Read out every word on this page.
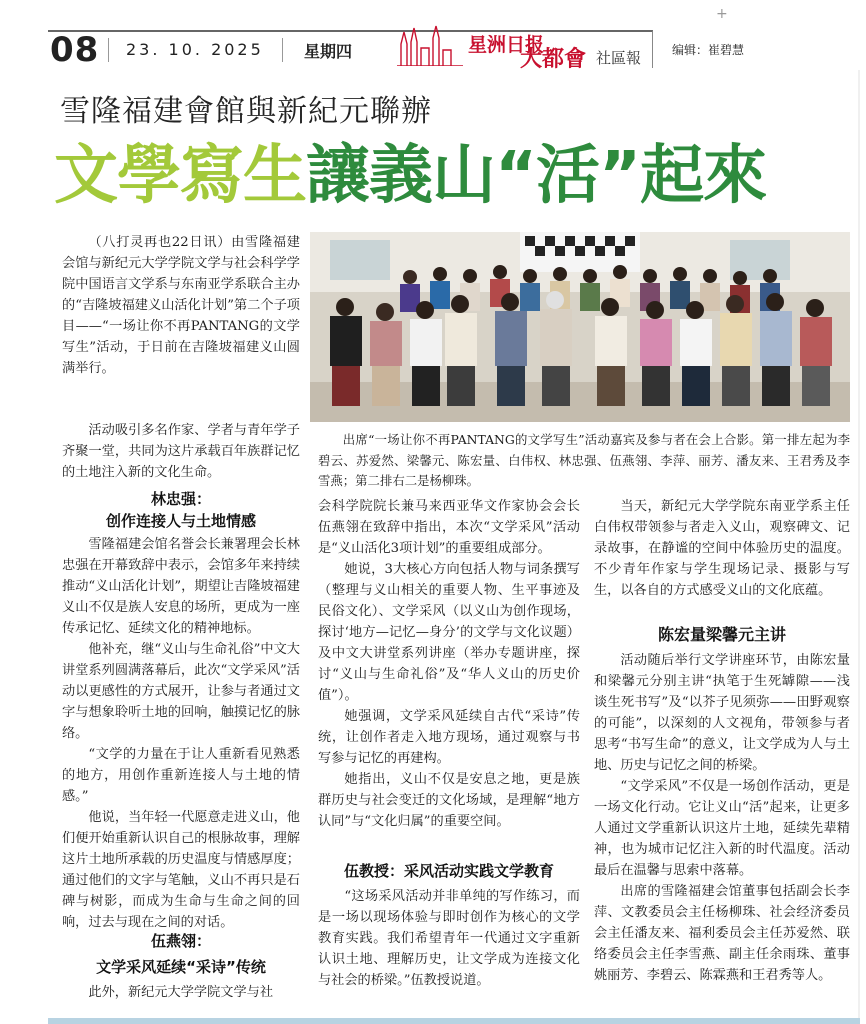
+
08 23. 10. 2025	星期四	星洲日报
大都會 社區報	编辑：崔碧慧
雪隆福建會館與新紀元聯辦
文學寫生讓義山“活”起來
出席“一场让你不再PANTANG的文学写生”活动嘉宾及参与者在会上合影。第一排左起为李碧云、苏爱然、梁馨元、陈宏量、白伟权、林忠强、伍燕翎、李萍、丽芳、潘友来、王君秀及李雪燕；第二排右二是杨柳珠。

（八打灵再也22日讯）由雪隆福建会馆与新纪元大学学院文学与社会科学学院中国语言文学系与东南亚学系联合主办的“吉隆坡福建义山活化计划”第二个子项目——“一场让你不再PANTANG的文学写生”活动，于日前在吉隆坡福建义山圆满举行。

活动吸引多名作家、学者与青年学子齐聚一堂，共同为这片承载百年族群记忆的土地注入新的文化生命。

林忠强：
创作连接人与土地情感

雪隆福建会馆名誉会长兼署理会长林忠强在开幕致辞中表示，会馆多年来持续推动“义山活化计划”，期望让吉隆坡福建义山不仅是族人安息的场所，更成为一座传承记忆、延续文化的精神地标。

他补充，继“义山与生命礼俗”中文大讲堂系列圆满落幕后，此次“文学采风”活动以更感性的方式展开，让参与者通过文字与想象聆听土地的回响，触摸记忆的脉络。

“文学的力量在于让人重新看见熟悉的地方，用创作重新连接人与土地的情感。”

他说，当年轻一代愿意走进义山，他们便开始重新认识自己的根脉故事，理解这片土地所承载的历史温度与情感厚度；通过他们的文字与笔触，义山不再只是石碑与树影，而成为生命与生命之间的回响，过去与现在之间的对话。

伍燕翎：
文学采风延续“采诗”传统

此外，新纪元大学学院文学与社

会科学院院长兼马来西亚华文作家协会会长伍燕翎在致辞中指出，本次“文学采风”活动是“义山活化3项计划”的重要组成部分。

她说，3大核心方向包括人物与词条撰写（整理与义山相关的重要人物、生平事迹及民俗文化）、文学采风（以义山为创作现场，探讨‘地方—记忆—身分’的文学与文化议题）及中文大讲堂系列讲座（举办专题讲座，探讨“义山与生命礼俗”及“华人义山的历史价值”）。

她强调，文学采风延续自古代“采诗”传统，让创作者走入地方现场，通过观察与书写参与记忆的再建构。

她指出，义山不仅是安息之地，更是族群历史与社会变迁的文化场域，是理解“地方认同”与“文化归属”的重要空间。

伍教授：采风活动实践文学教育

“这场采风活动并非单纯的写作练习，而是一场以现场体验与即时创作为核心的文学教育实践。我们希望青年一代通过文字重新认识土地、理解历史，让文学成为连接文化与社会的桥梁。”伍教授说道。

当天，新纪元大学学院东南亚学系主任白伟权带领参与者走入义山，观察碑文、记录故事，在静谧的空间中体验历史的温度。不少青年作家与学生现场记录、摄影与写生，以各自的方式感受义山的文化底蕴。

陈宏量梁馨元主讲

活动随后举行文学讲座环节，由陈宏量和梁馨元分别主讲“执笔于生死罅隙——浅谈生死书写”及“以芥子见须弥——田野观察的可能”，以深刻的人文视角，带领参与者思考“书写生命”的意义，让文学成为人与土地、历史与记忆之间的桥梁。

“文学采风”不仅是一场创作活动，更是一场文化行动。它让义山“活”起来，让更多人通过文学重新认识这片土地，延续先辈精神，也为城市记忆注入新的时代温度。活动最后在温馨与思索中落幕。

出席的雪隆福建会馆董事包括副会长李萍、文教委员会主任杨柳珠、社会经济委员会主任潘友来、福利委员会主任苏爱然、联络委员会主任李雪燕、副主任余雨珠、董事姚丽芳、李碧云、陈霖燕和王君秀等人。
